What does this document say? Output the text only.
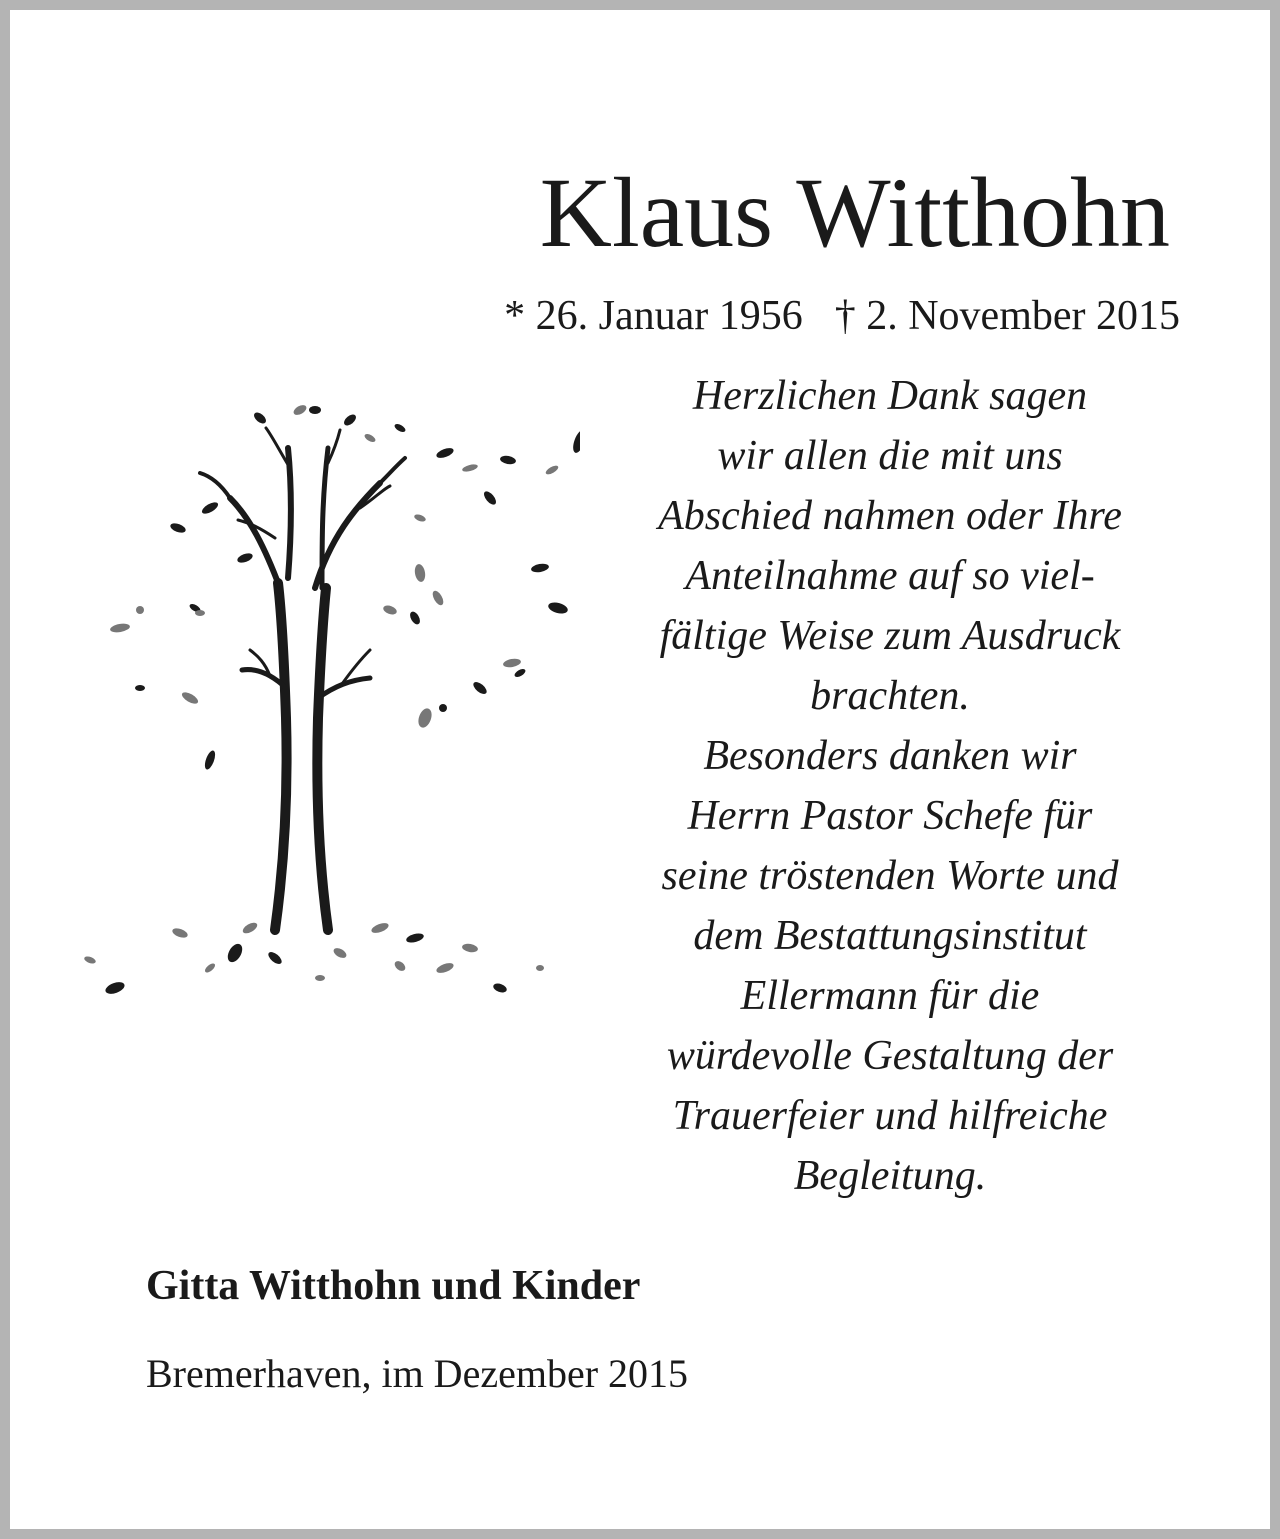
Klaus Witthohn
* 26. Januar 1956 † 2. November 2015
Herzlichen Dank sagen
wir allen die mit uns
Abschied nahmen oder Ihre
Anteilnahme auf so viel-
fältige Weise zum Ausdruck
brachten.
Besonders danken wir
Herrn Pastor Schefe für
seine tröstenden Worte und
dem Bestattungsinstitut
Ellermann für die
würdevolle Gestaltung der
Trauerfeier und hilfreiche
Begleitung.
Gitta Witthohn und Kinder
Bremerhaven, im Dezember 2015
